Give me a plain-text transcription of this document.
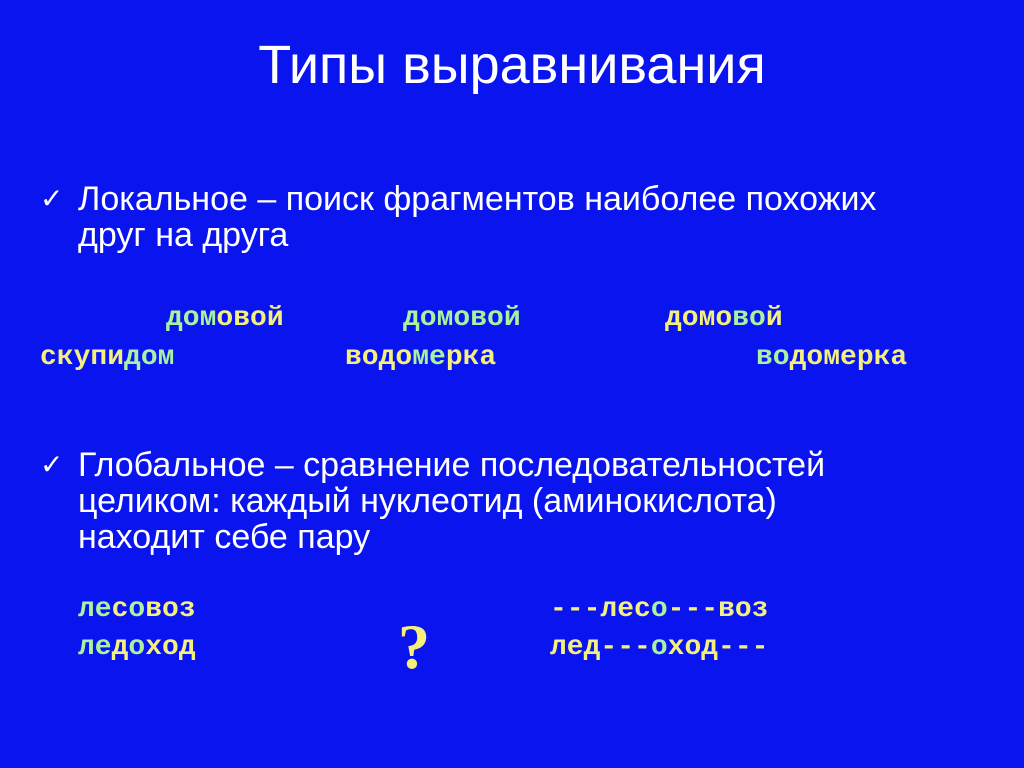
Типы выравнивания
✓ Локальное – поиск фрагментов наиболее похожих
друг на друга
✓ Глобальное – сравнение последовательностей
целиком: каждый нуклеотид (аминокислота)
находит себе пару
домовой
скупидом
домовой
водомерка
домовой
водомерка
лесовоз
ледоход
---лесо---воз
лед---оход---
?
